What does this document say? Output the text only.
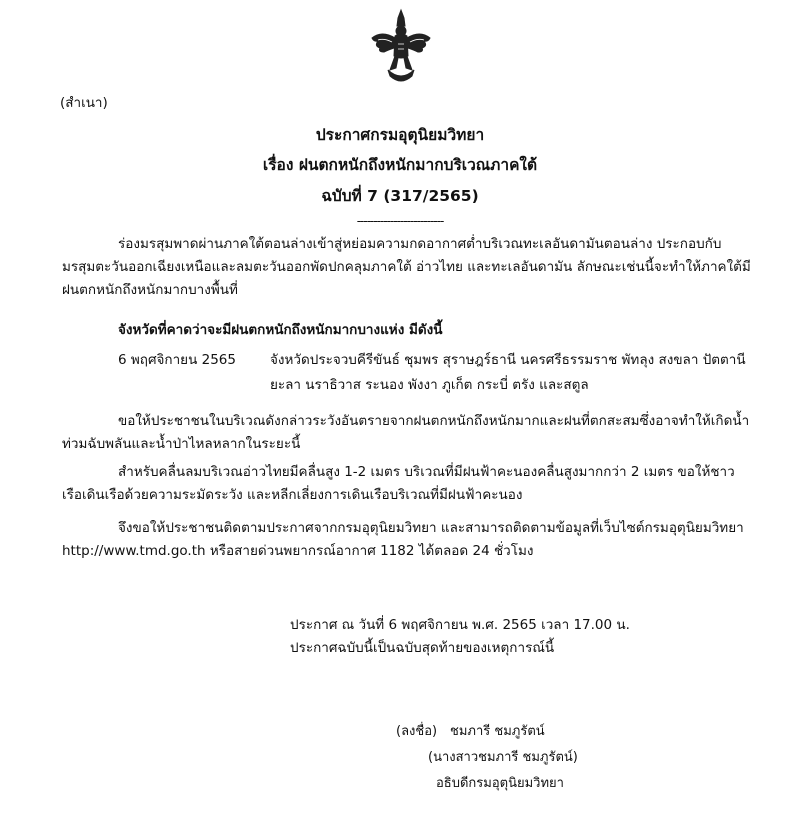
(สำเนา)
ประกาศกรมอุตุนิยมวิทยา
เรื่อง ฝนตกหนักถึงหนักมากบริเวณภาคใต้
ฉบับที่ 7 (317/2565)
--------------------------
ร่องมรสุมพาดผ่านภาคใต้ตอนล่างเข้าสู่หย่อมความกดอากาศต่ำบริเวณทะเลอันดามันตอนล่าง ประกอบกับมรสุมตะวันออกเฉียงเหนือและลมตะวันออกพัดปกคลุมภาคใต้ อ่าวไทย และทะเลอันดามัน ลักษณะเช่นนี้จะทำให้ภาคใต้มีฝนตกหนักถึงหนักมากบางพื้นที่
จังหวัดที่คาดว่าจะมีฝนตกหนักถึงหนักมากบางแห่ง มีดังนี้
6 พฤศจิกายน 2565	จังหวัดประจวบคีรีขันธ์ ชุมพร สุราษฎร์ธานี นครศรีธรรมราช พัทลุง สงขลา ปัตตานี ยะลา นราธิวาส ระนอง พังงา ภูเก็ต กระบี่ ตรัง และสตูล
ขอให้ประชาชนในบริเวณดังกล่าวระวังอันตรายจากฝนตกหนักถึงหนักมากและฝนที่ตกสะสมซึ่งอาจทำให้เกิดน้ำท่วมฉับพลันและน้ำป่าไหลหลากในระยะนี้
สำหรับคลื่นลมบริเวณอ่าวไทยมีคลื่นสูง 1-2 เมตร บริเวณที่มีฝนฟ้าคะนองคลื่นสูงมากกว่า 2 เมตร ขอให้ชาวเรือเดินเรือด้วยความระมัดระวัง และหลีกเลี่ยงการเดินเรือบริเวณที่มีฝนฟ้าคะนอง
จึงขอให้ประชาชนติดตามประกาศจากกรมอุตุนิยมวิทยา และสามารถติดตามข้อมูลที่เว็บไซต์กรมอุตุนิยมวิทยา http://www.tmd.go.th หรือสายด่วนพยากรณ์อากาศ 1182 ได้ตลอด 24 ชั่วโมง
ประกาศ ณ วันที่ 6 พฤศจิกายน พ.ศ. 2565 เวลา 17.00 น.
ประกาศฉบับนี้เป็นฉบับสุดท้ายของเหตุการณ์นี้
(ลงชื่อ) ชมภารี ชมภูรัตน์
(นางสาวชมภารี ชมภูรัตน์)
อธิบดีกรมอุตุนิยมวิทยา
